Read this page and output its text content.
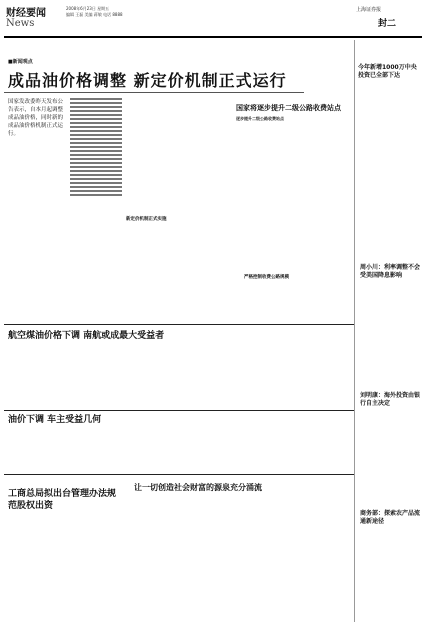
财经要闻
News
2008年6月23日 星期五
编辑 王磊 美编 蒋敏 电话 8888
上海证券报
封二
■新闻观点
成品油价格调整 新定价机制正式运行
国家发改委昨天发布公告表示，自本月起调整成品油价格，同时新的成品油价格机制正式运行。
新定价机制正式实施
国家将逐步提升二级公路收费站点
逐步提升二级公路收费站点
严格控制收费公路规模
今年新增1000万中央投资已全部下达
周小川：利率调整不会受美国降息影响
刘明康：海外投资由银行自主决定
商务部：探索农产品流通新途径
航空煤油价格下调 南航或成最大受益者
油价下调 车主受益几何
工商总局拟出台管理办法规范股权出资
让一切创造社会财富的源泉充分涌流
